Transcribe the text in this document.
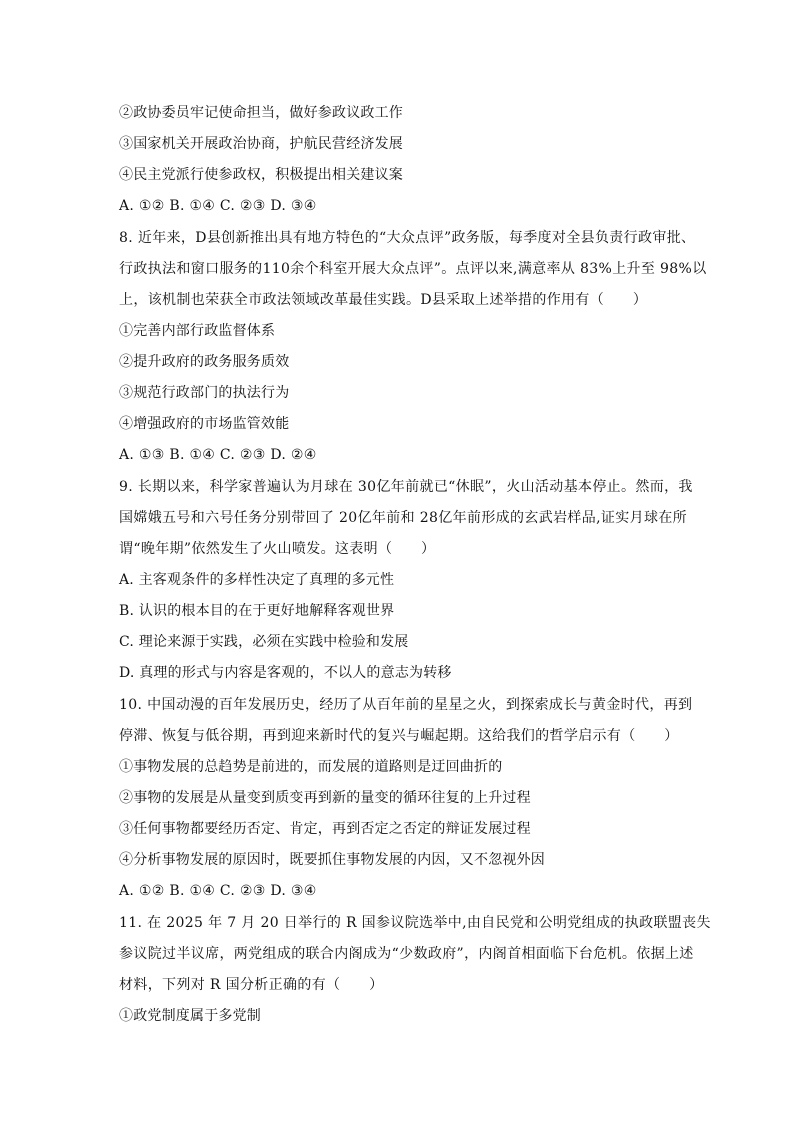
②政协委员牢记使命担当，做好参政议政工作
③国家机关开展政治协商，护航民营经济发展
④民主党派行使参政权，积极提出相关建议案
A. ①② B. ①④ C. ②③ D. ③④
8. 近年来，D县创新推出具有地方特色的“大众点评”政务版，每季度对全县负责行政审批、
行政执法和窗口服务的110余个科室开展大众点评”。点评以来,满意率从 83%上升至 98%以
上，该机制也荣获全市政法领域改革最佳实践。D县采取上述举措的作用有（　　）
①完善内部行政监督体系
②提升政府的政务服务质效
③规范行政部门的执法行为
④增强政府的市场监管效能
A. ①③ B. ①④ C. ②③ D. ②④
9. 长期以来，科学家普遍认为月球在 30亿年前就已“休眠”，火山活动基本停止。然而，我
国嫦娥五号和六号任务分别带回了 20亿年前和 28亿年前形成的玄武岩样品,证实月球在所
谓“晚年期”依然发生了火山喷发。这表明（　　）
A. 主客观条件的多样性决定了真理的多元性
B. 认识的根本目的在于更好地解释客观世界
C. 理论来源于实践，必须在实践中检验和发展
D. 真理的形式与内容是客观的，不以人的意志为转移
10. 中国动漫的百年发展历史，经历了从百年前的星星之火，到探索成长与黄金时代，再到
停滞、恢复与低谷期，再到迎来新时代的复兴与崛起期。这给我们的哲学启示有（　　）
①事物发展的总趋势是前进的，而发展的道路则是迂回曲折的
②事物的发展是从量变到质变再到新的量变的循环往复的上升过程
③任何事物都要经历否定、肯定，再到否定之否定的辩证发展过程
④分析事物发展的原因时，既要抓住事物发展的内因，又不忽视外因
A. ①② B. ①④ C. ②③ D. ③④
11. 在 2025 年 7 月 20 日举行的 R 国参议院选举中,由自民党和公明党组成的执政联盟丧失
参议院过半议席，两党组成的联合内阁成为“少数政府”，内阁首相面临下台危机。依据上述
材料，下列对 R 国分析正确的有（　　）
①政党制度属于多党制
